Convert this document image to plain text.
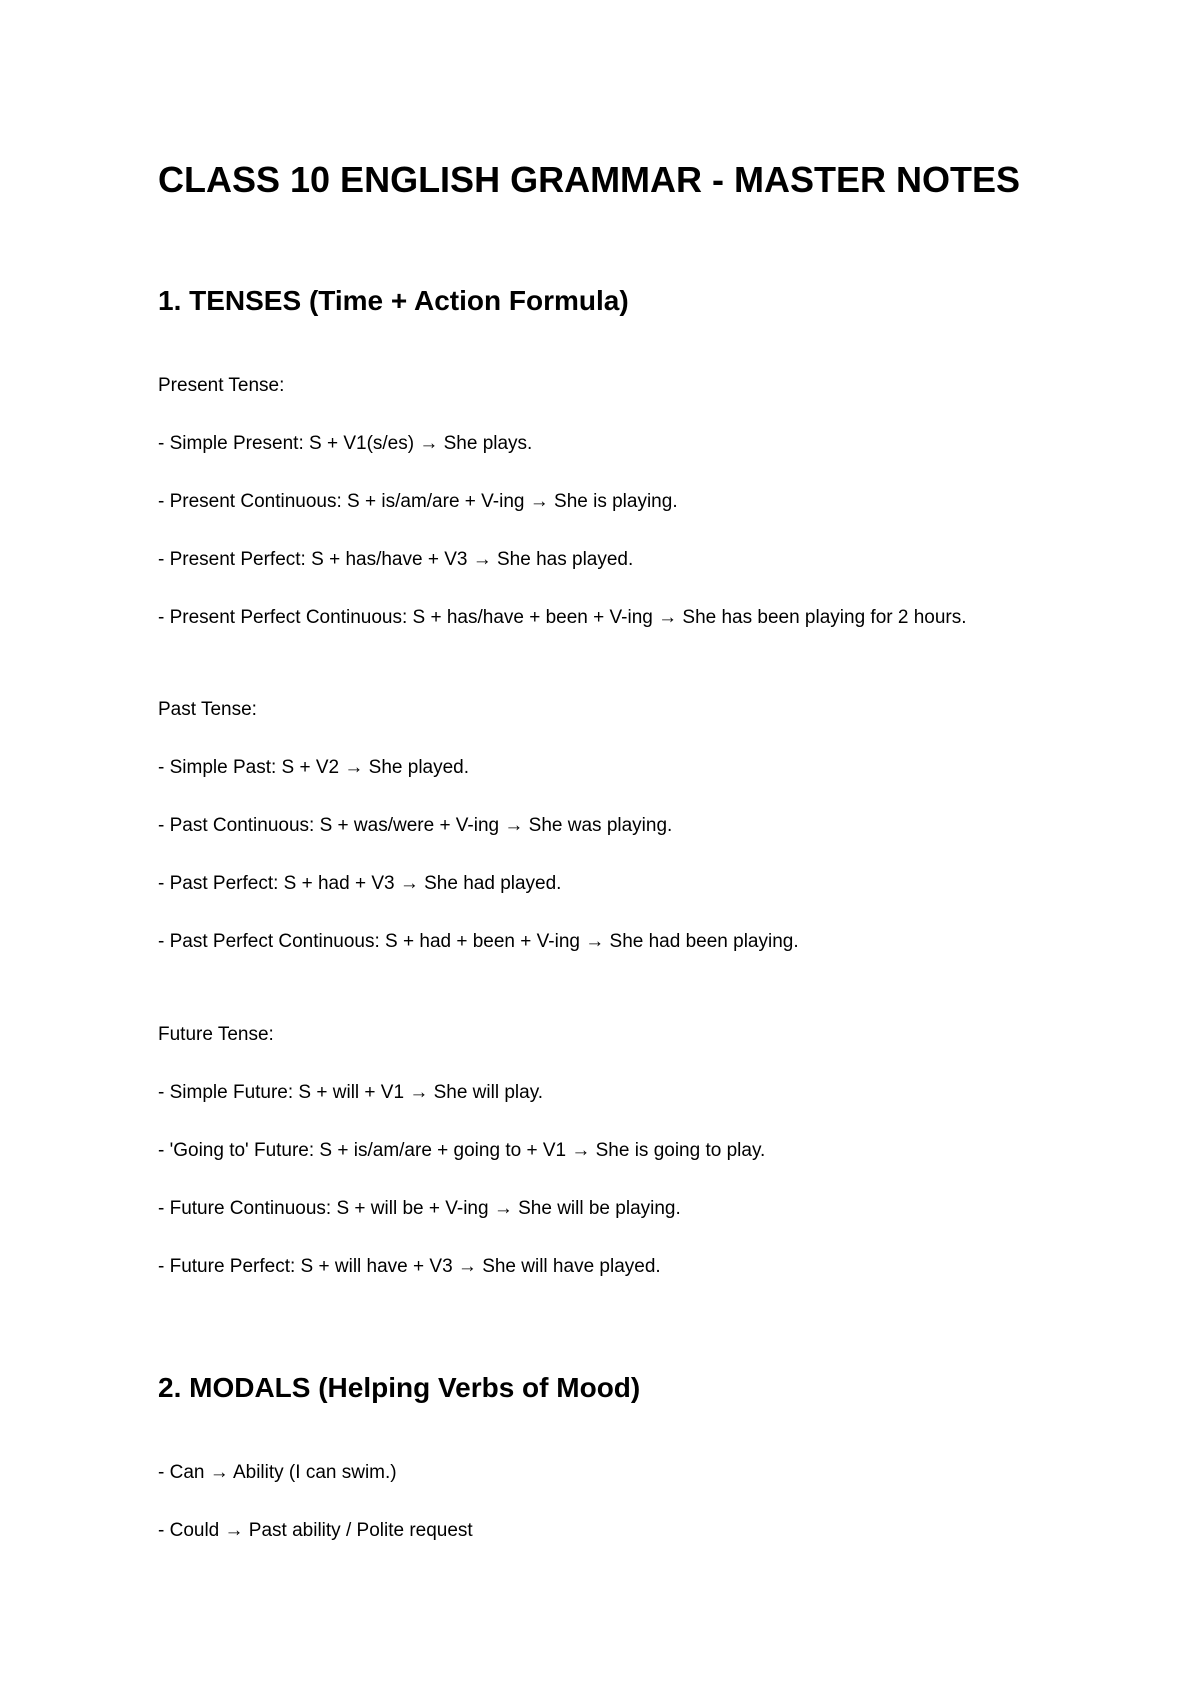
CLASS 10 ENGLISH GRAMMAR - MASTER NOTES
1. TENSES (Time + Action Formula)

Present Tense:

- Simple Present: S + V1(s/es) → She plays.

- Present Continuous: S + is/am/are + V-ing → She is playing.

- Present Perfect: S + has/have + V3 → She has played.

- Present Perfect Continuous: S + has/have + been + V-ing → She has been playing for 2 hours.

Past Tense:

- Simple Past: S + V2 → She played.

- Past Continuous: S + was/were + V-ing → She was playing.

- Past Perfect: S + had + V3 → She had played.

- Past Perfect Continuous: S + had + been + V-ing → She had been playing.

Future Tense:

- Simple Future: S + will + V1 → She will play.

- 'Going to' Future: S + is/am/are + going to + V1 → She is going to play.

- Future Continuous: S + will be + V-ing → She will be playing.

- Future Perfect: S + will have + V3 → She will have played.

2. MODALS (Helping Verbs of Mood)

- Can → Ability (I can swim.)

- Could → Past ability / Polite request
